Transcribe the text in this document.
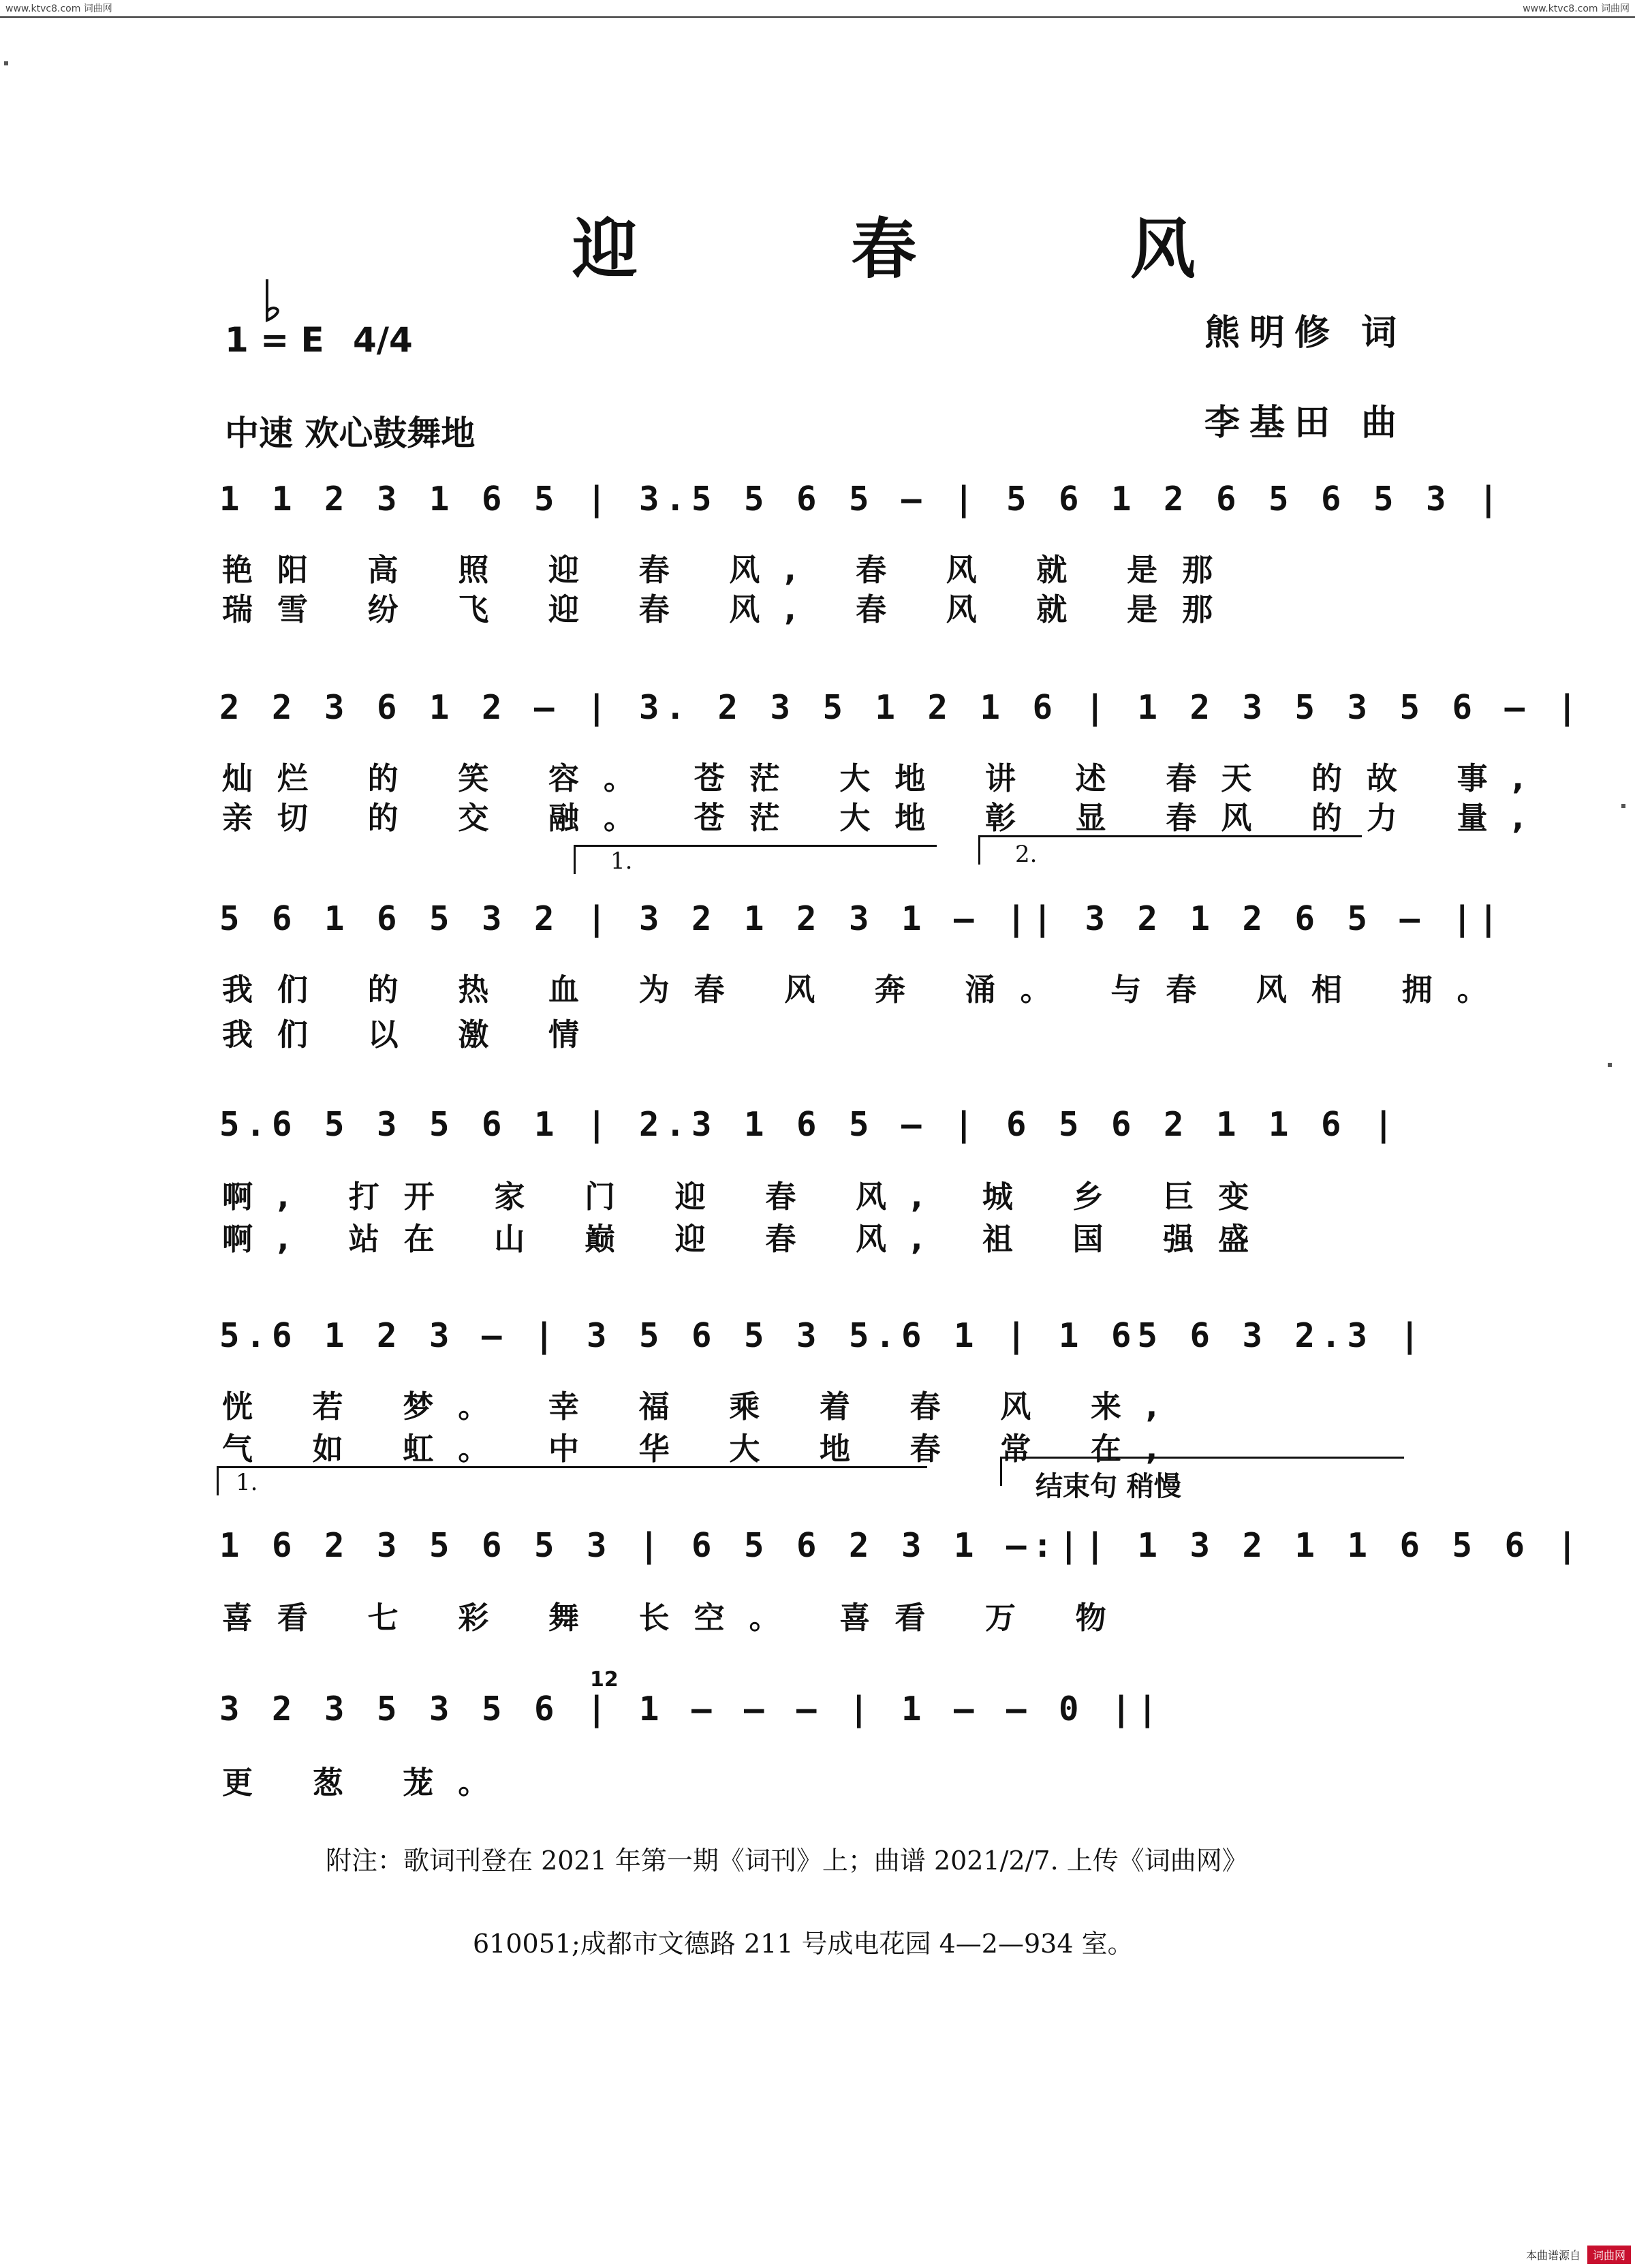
www.ktvc8.com 词曲网	www.ktvc8.com 词曲网
迎 春 风
1 = E 4/4	熊明修 词
中速 欢心鼓舞地	李基田 曲
1 1 2 3 1 6 5 | 3.5 5 6 5 — | 5 6 1 2 6 5 6 5 3 |
艳阳 高 照 迎 春 风, 春 风 就 是那
瑞雪 纷 飞 迎 春 风, 春 风 就 是那
2 2 3 6 1 2 — | 3. 2 3 5 1 2 1 6 | 1 2 3 5 3 5 6 — |
灿烂 的 笑 容。 苍茫 大地 讲 述 春天 的故 事,
亲切 的 交 融。 苍茫 大地 彰 显 春风 的力 量,
1.	2.
5 6 1 6 5 3 2 | 3 2 1 2 3 1 — || 3 2 1 2 6 5 — ||
我们 的 热 血 为春 风 奔 涌。 与春 风相 拥。
我们 以 激 情
5.6 5 3 5 6 1 | 2.3 1 6 5 — | 6 5 6 2 1 1 6 |
啊, 打开 家 门 迎 春 风, 城 乡 巨变
啊, 站在 山 巅 迎 春 风, 祖 国 强盛
5.6 1 2 3 — | 3 5 6 5 3 5.6 1 | 1 65 6 3 2.3 |
恍 若 梦。 幸 福 乘 着 春 风 来,
气 如 虹。 中 华 大 地 春 常 在,
1.	结束句 稍慢
1 6 2 3 5 6 5 3 | 6 5 6 2 3 1 —:|| 1 3 2 1 1 6 5 6 |
喜看 七 彩 舞 长空。 喜看 万 物
12
3 2 3 5 3 5 6 | 1 — — — | 1 — — 0 ||
更 葱 茏。
附注：歌词刊登在 2021 年第一期《词刊》上；曲谱 2021/2/7. 上传《词曲网》
610051;成都市文德路 211 号成电花园 4—2—934 室。
本曲谱源自	词曲网
